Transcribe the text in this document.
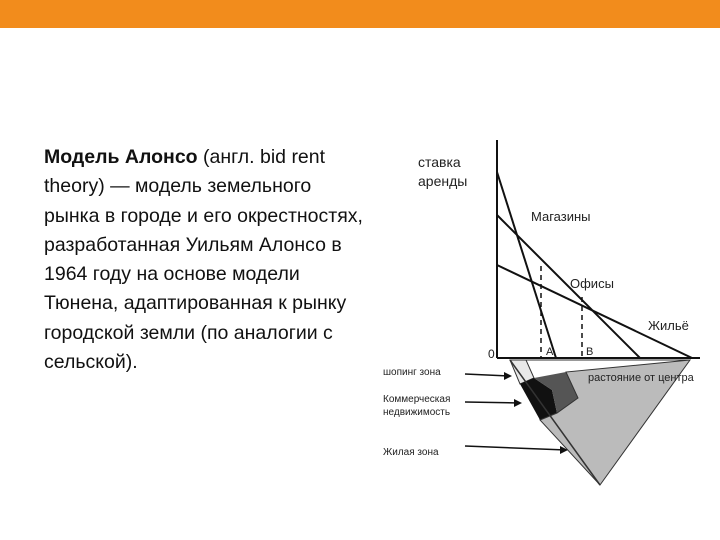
Модель Алонсо (англ. bid rent theory) — модель земельного рынка в городе и его окрестностях, разработанная Уильям Алонсо в 1964 году на основе модели Тюнена, адаптированная к рынку городской земли (по аналогии с сельской).
ставка
аренды
Магазины
Офисы
Жильё
0	A	B
растояние от центра
шопинг зона
Коммерческая
недвижимость
Жилая зона
